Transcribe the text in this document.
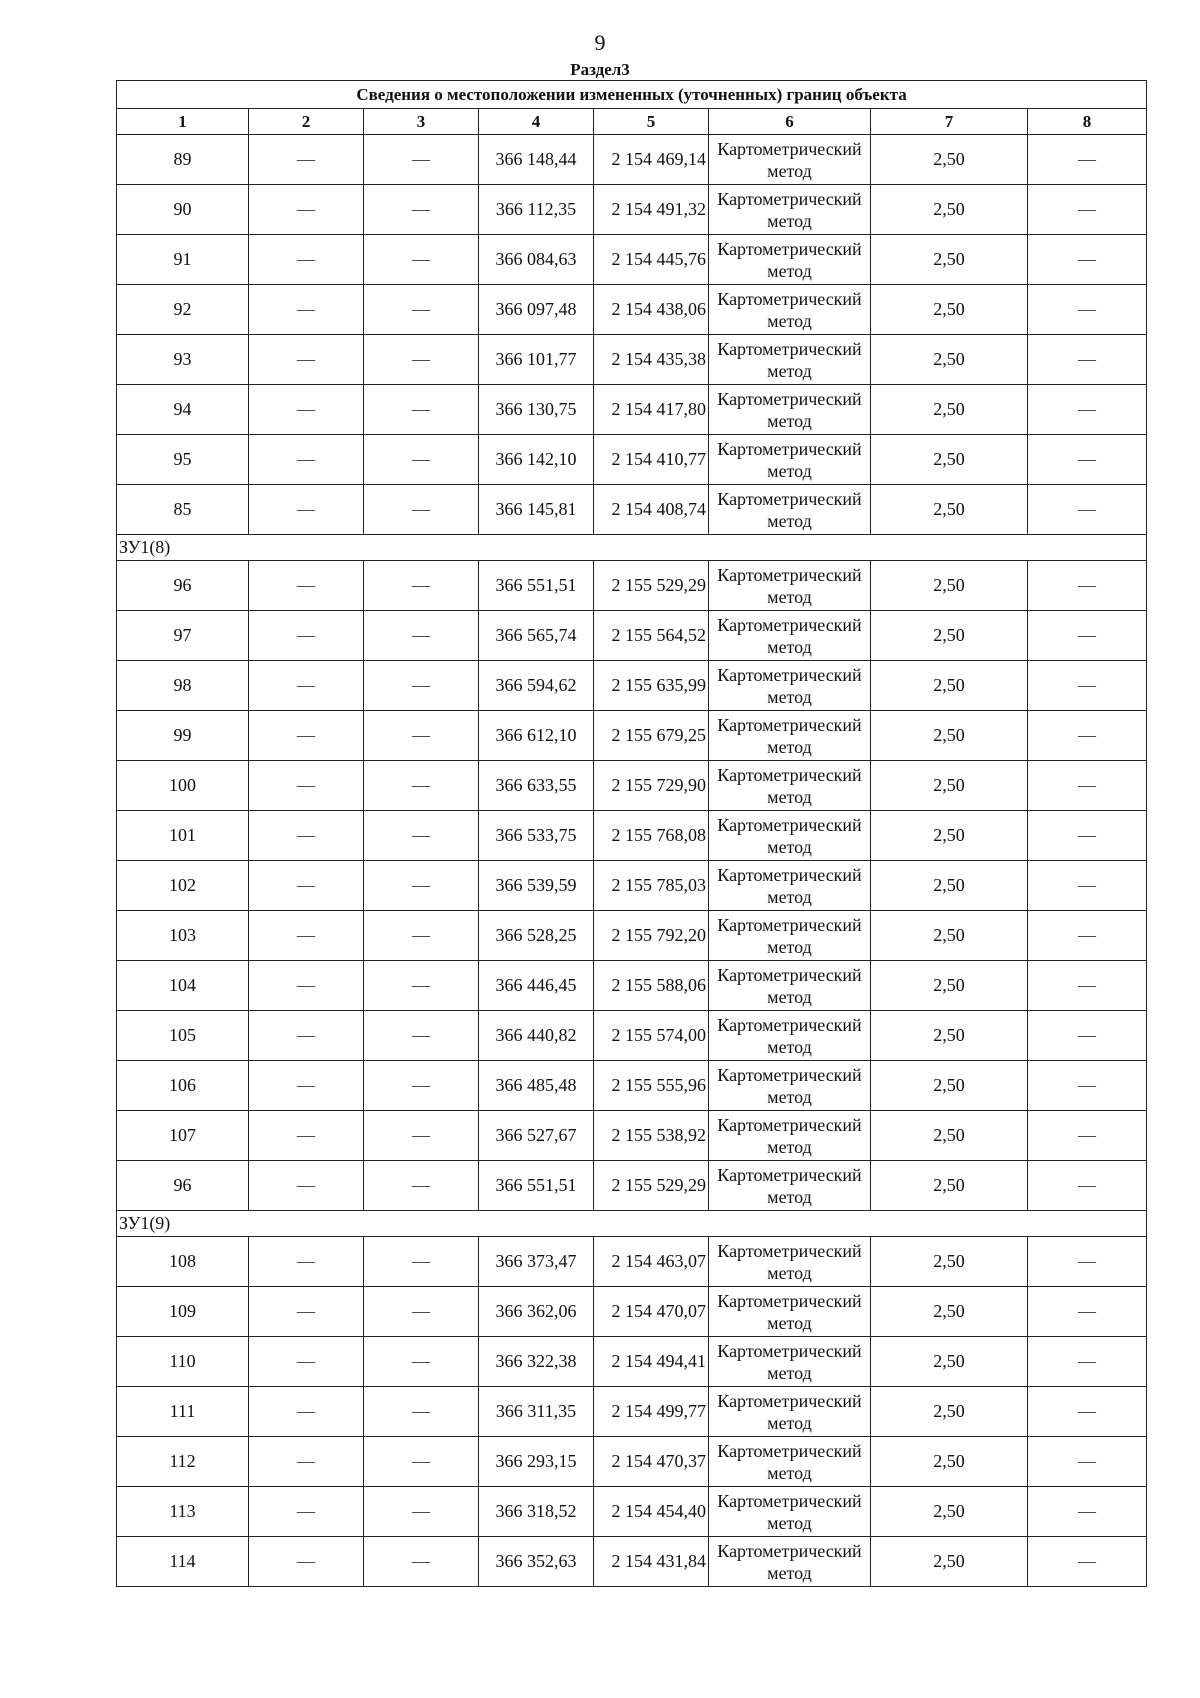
9
Раздел3
Сведения о местоположении измененных (уточненных) границ объекта							
1	2	3	4	5	6	7	8
89	—	—	366 148,44	2 154 469,14	Картометрический метод	2,50	—
90	—	—	366 112,35	2 154 491,32	Картометрический метод	2,50	—
91	—	—	366 084,63	2 154 445,76	Картометрический метод	2,50	—
92	—	—	366 097,48	2 154 438,06	Картометрический метод	2,50	—
93	—	—	366 101,77	2 154 435,38	Картометрический метод	2,50	—
94	—	—	366 130,75	2 154 417,80	Картометрический метод	2,50	—
95	—	—	366 142,10	2 154 410,77	Картометрический метод	2,50	—
85	—	—	366 145,81	2 154 408,74	Картометрический метод	2,50	—
ЗУ1(8)							
96	—	—	366 551,51	2 155 529,29	Картометрический метод	2,50	—
97	—	—	366 565,74	2 155 564,52	Картометрический метод	2,50	—
98	—	—	366 594,62	2 155 635,99	Картометрический метод	2,50	—
99	—	—	366 612,10	2 155 679,25	Картометрический метод	2,50	—
100	—	—	366 633,55	2 155 729,90	Картометрический метод	2,50	—
101	—	—	366 533,75	2 155 768,08	Картометрический метод	2,50	—
102	—	—	366 539,59	2 155 785,03	Картометрический метод	2,50	—
103	—	—	366 528,25	2 155 792,20	Картометрический метод	2,50	—
104	—	—	366 446,45	2 155 588,06	Картометрический метод	2,50	—
105	—	—	366 440,82	2 155 574,00	Картометрический метод	2,50	—
106	—	—	366 485,48	2 155 555,96	Картометрический метод	2,50	—
107	—	—	366 527,67	2 155 538,92	Картометрический метод	2,50	—
96	—	—	366 551,51	2 155 529,29	Картометрический метод	2,50	—
ЗУ1(9)							
108	—	—	366 373,47	2 154 463,07	Картометрический метод	2,50	—
109	—	—	366 362,06	2 154 470,07	Картометрический метод	2,50	—
110	—	—	366 322,38	2 154 494,41	Картометрический метод	2,50	—
111	—	—	366 311,35	2 154 499,77	Картометрический метод	2,50	—
112	—	—	366 293,15	2 154 470,37	Картометрический метод	2,50	—
113	—	—	366 318,52	2 154 454,40	Картометрический метод	2,50	—
114	—	—	366 352,63	2 154 431,84	Картометрический метод	2,50	—
